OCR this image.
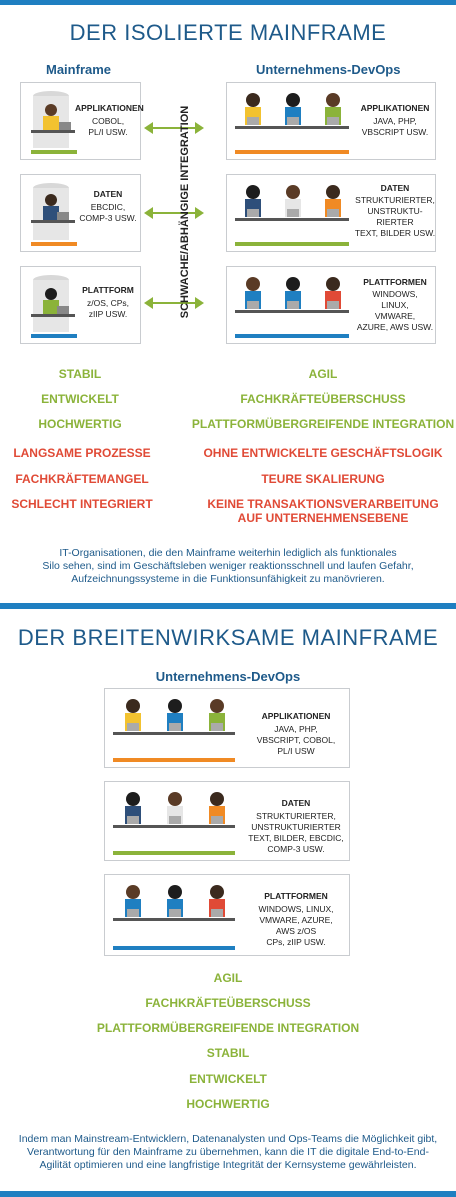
DER ISOLIERTE MAINFRAME
Mainframe	Unternehmens-DevOps
APPLIKATIONEN
COBOL,
PL/I USW.
DATEN
EBCDIC,
COMP-3 USW.
PLATTFORM
z/OS, CPs,
zIIP USW.	SCHWACHE/ABHÄNGIGE INTEGRATION	APPLIKATIONEN
JAVA, PHP,
VBSCRIPT USW.
DATEN
STRUKTURIERTER,
UNSTRUKTU-
RIERTER
TEXT, BILDER USW.
PLATTFORMEN
WINDOWS,
LINUX,
VMWARE,
AZURE, AWS USW.
STABIL
ENTWICKELT
HOCHWERTIG
LANGSAME PROZESSE
FACHKRÄFTEMANGEL
SCHLECHT INTEGRIERT
AGIL
FACHKRÄFTEÜBERSCHUSS
PLATTFORMÜBERGREIFENDE INTEGRATION
OHNE ENTWICKELTE GESCHÄFTSLOGIK
TEURE SKALIERUNG
KEINE TRANSAKTIONSVERARBEITUNG
AUF UNTERNEHMENSEBENE
IT-Organisationen, die den Mainframe weiterhin lediglich als funktionales
Silo sehen, sind im Geschäftsleben weniger reaktionsschnell und laufen Gefahr,
Aufzeichnungssysteme in die Funktionsunfähigkeit zu manövrieren.
DER BREITENWIRKSAME MAINFRAME
Unternehmens-DevOps
APPLIKATIONEN
JAVA, PHP,
VBSCRIPT, COBOL,
PL/I USW
DATEN
STRUKTURIERTER,
UNSTRUKTURIERTER
TEXT, BILDER, EBCDIC,
COMP-3 USW.
PLATTFORMEN
WINDOWS, LINUX,
VMWARE, AZURE,
AWS z/OS
CPs, zIIP USW.
AGIL
FACHKRÄFTEÜBERSCHUSS
PLATTFORMÜBERGREIFENDE INTEGRATION
STABIL
ENTWICKELT
HOCHWERTIG
Indem man Mainstream-Entwicklern, Datenanalysten und Ops-Teams die Möglichkeit gibt,
Verantwortung für den Mainframe zu übernehmen, kann die IT die digitale End-to-End-
Agilität optimieren und eine langfristige Integrität der Kernsysteme gewährleisten.
